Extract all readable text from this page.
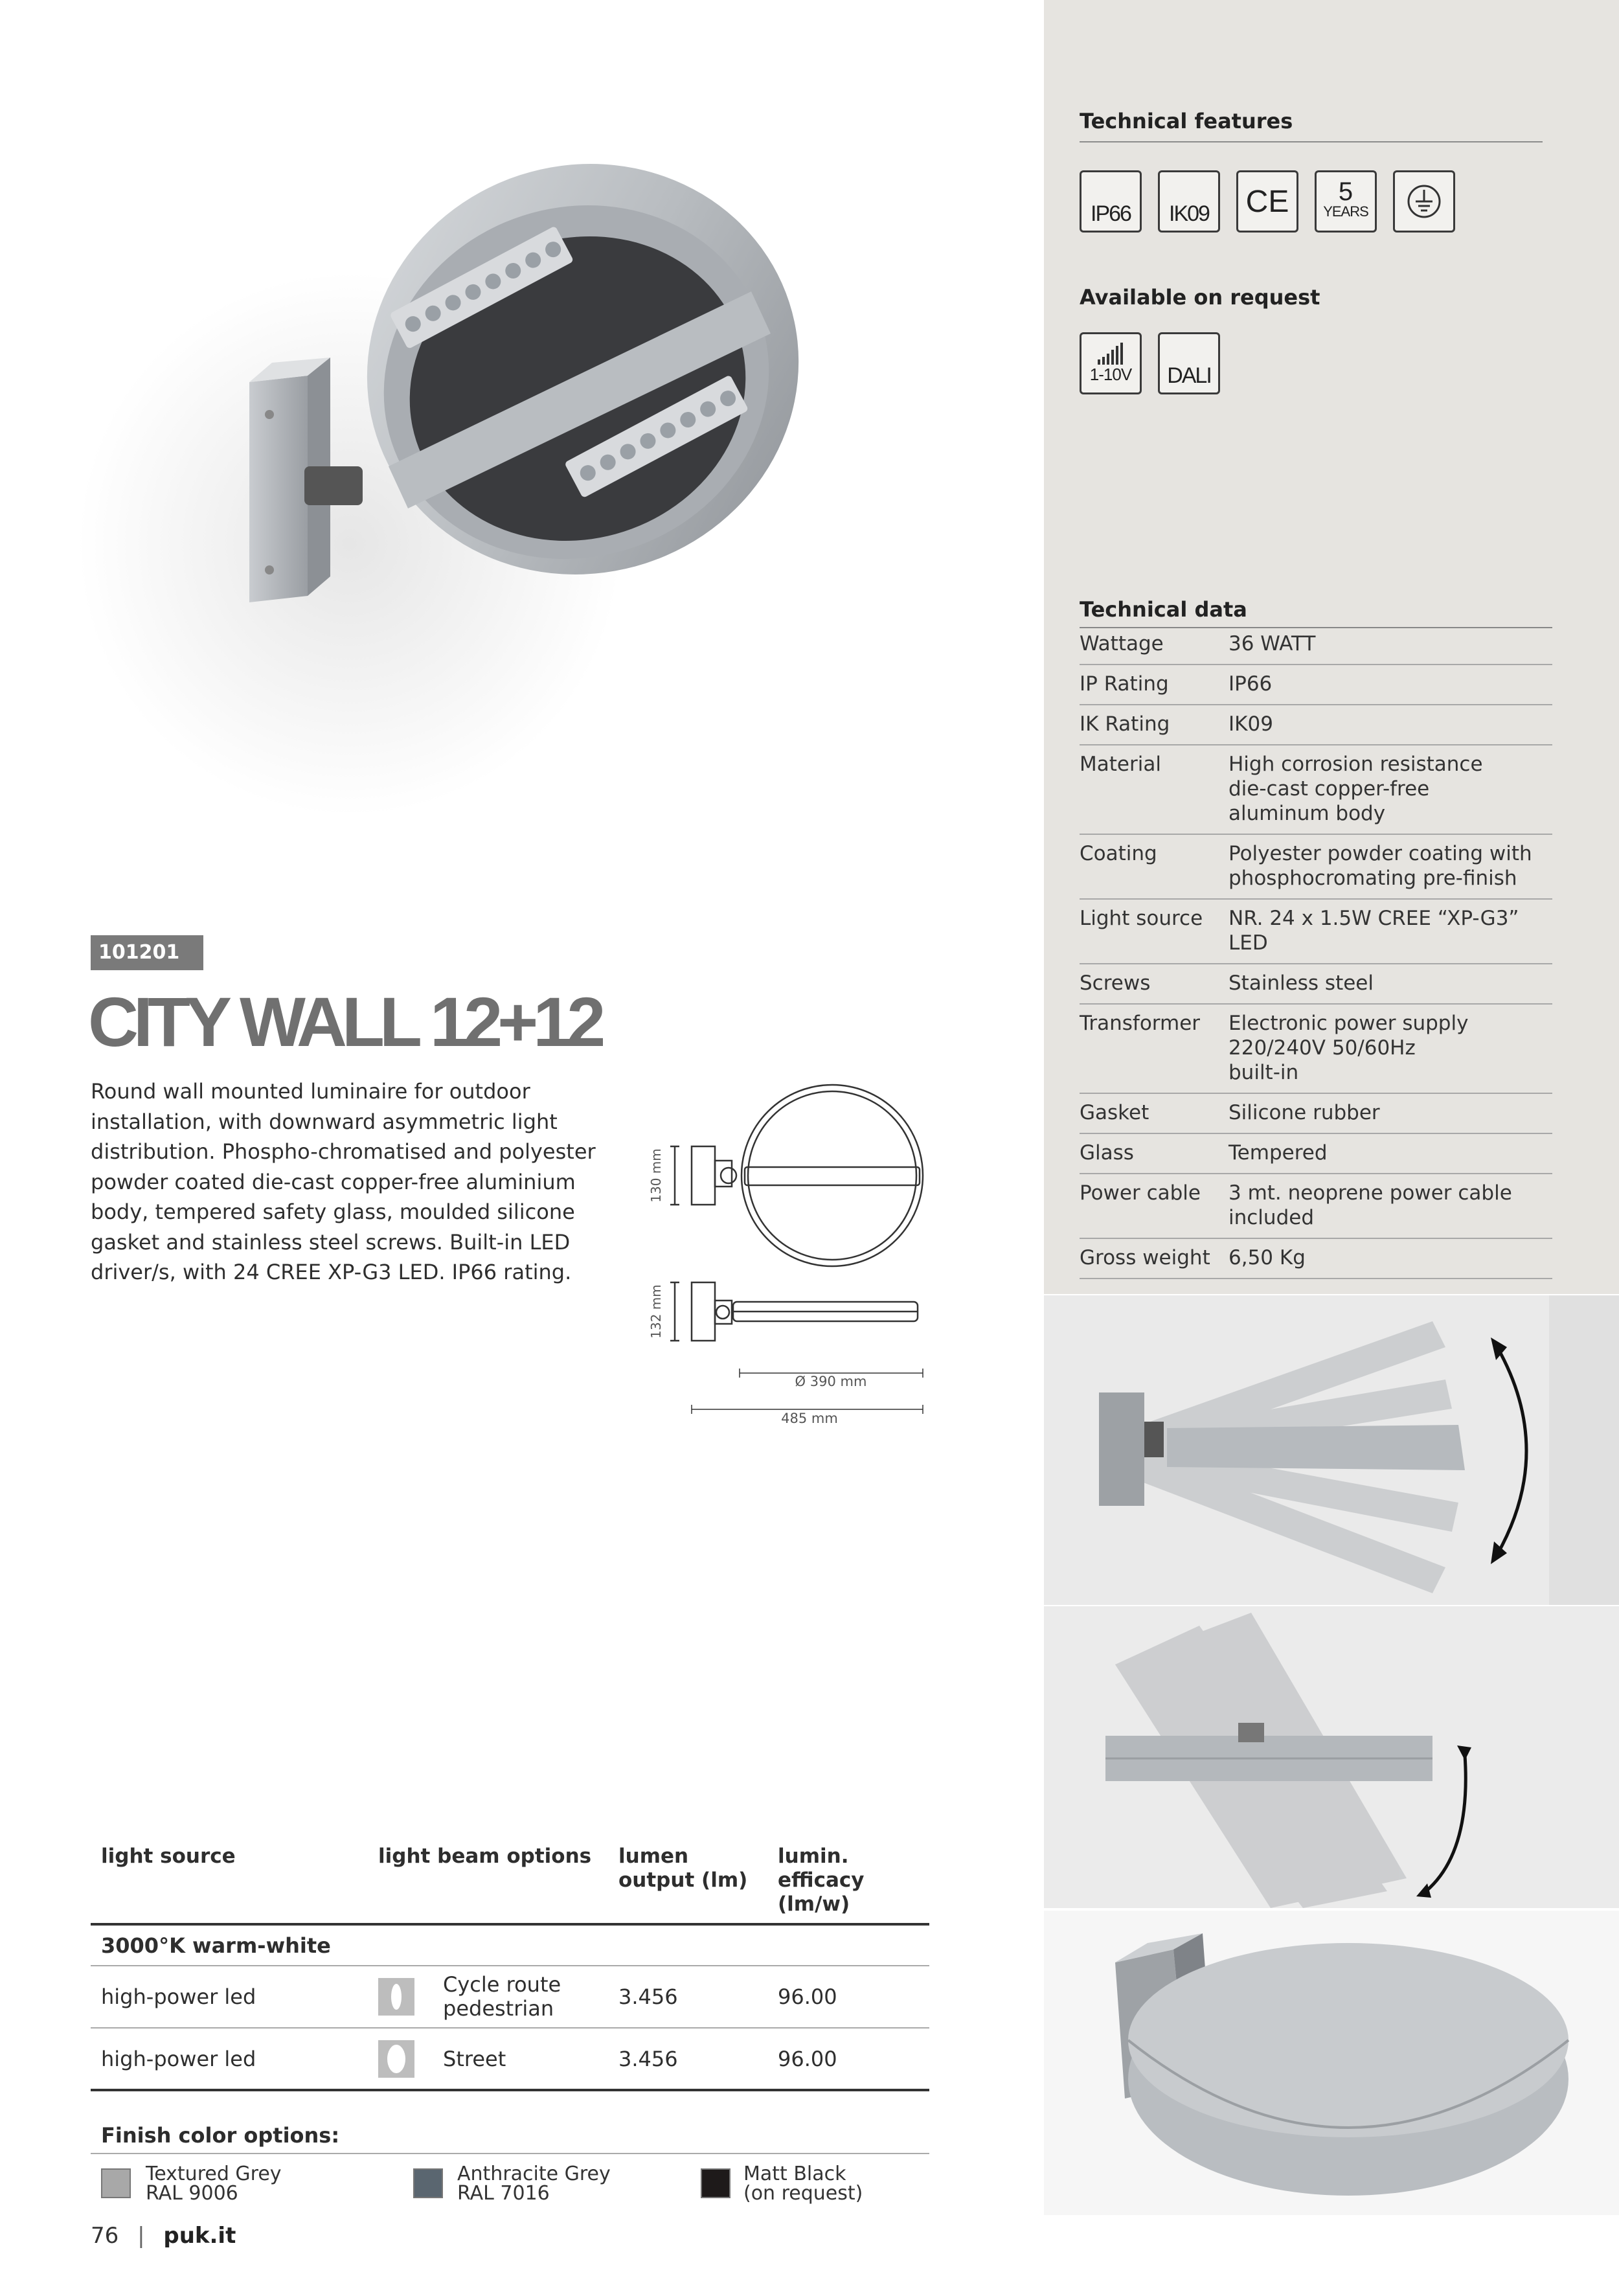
Technical features
IP66 IK09 CE 5
YEARS
Available on request
1-10V DALI
Technical data
Wattage	36 WATT
IP Rating	IP66
IK Rating	IK09
Material	High corrosion resistance
die-cast copper-free
aluminum body
Coating	Polyester powder coating with
phosphocromating pre-finish
Light source	NR. 24 x 1.5W CREE “XP-G3” LED
Screws	Stainless steel
Transformer	Electronic power supply
220/240V 50/60Hz
built-in
Gasket	Silicone rubber
Glass	Tempered
Power cable	3 mt. neoprene power cable
included
Gross weight	6,50 Kg
101201
CITY WALL 12+12
Round wall mounted luminaire for outdoor installation, with downward asymmetric light distribution. Phospho-chromatised and polyester powder coated die-cast copper-free aluminium body, tempered safety glass, moulded silicone gasket and stainless steel screws. Built-in LED driver/s, with 24 CREE XP-G3 LED. IP66 rating.
130 mm
132 mm
Ø 390 mm
485 mm
light source	light beam options	lumen output (lm)	lumin. efficacy (lm/w)
3000°K warm-white			
high-power led	Cycle route pedestrian	3.456	96.00
high-power led	Street	3.456	96.00
Finish color options:
Textured Grey
RAL 9006
Anthracite Grey
RAL 7016
Matt Black
(on request)
76 | puk.it
